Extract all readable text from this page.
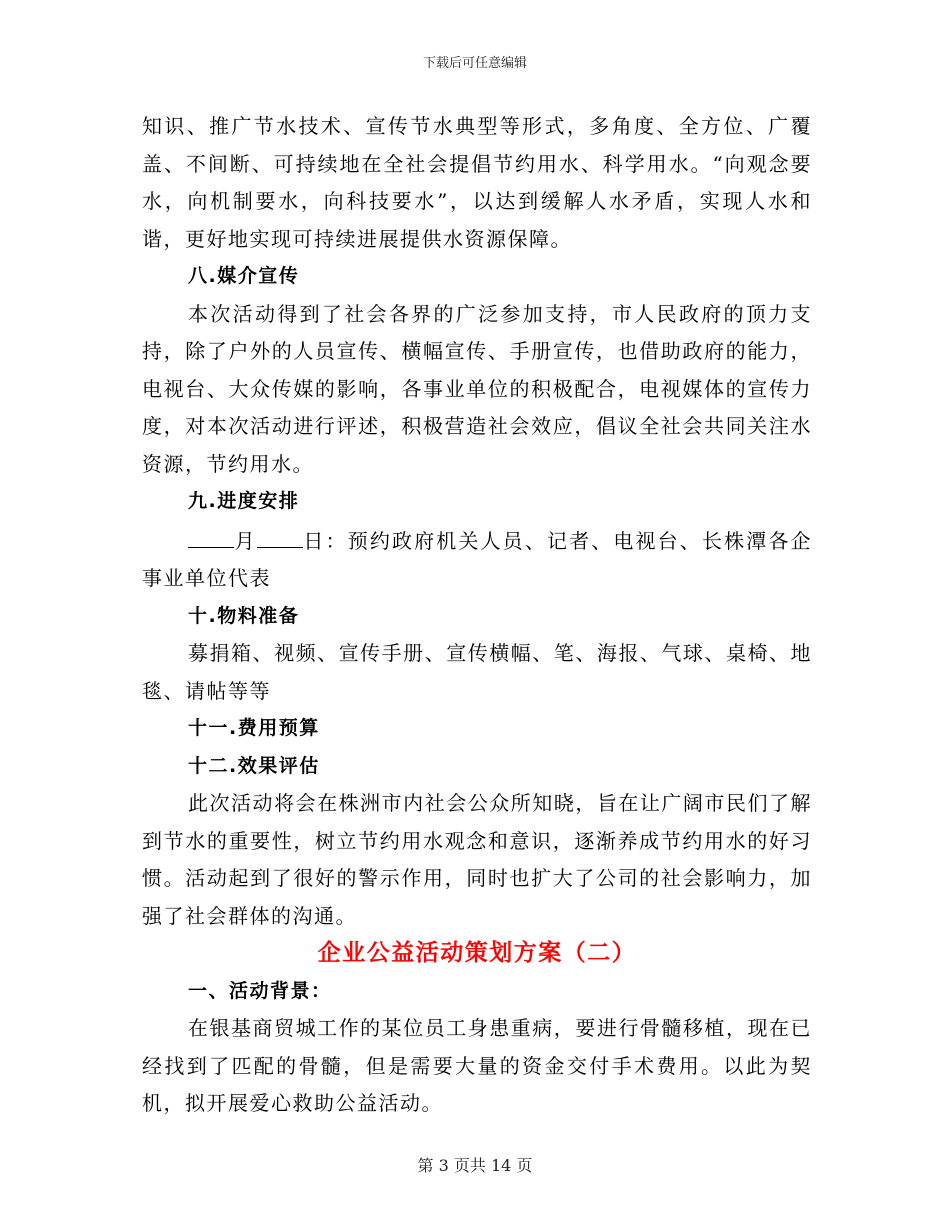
下载后可任意编辑

知识、推广节水技术、宣传节水典型等形式，多角度、全方位、广覆盖、不间断、可持续地在全社会提倡节约用水、科学用水。“向观念要水，向机制要水，向科技要水”，以达到缓解人水矛盾，实现人水和谐，更好地实现可持续进展提供水资源保障。

八.媒介宣传

本次活动得到了社会各界的广泛参加支持，市人民政府的顶力支持，除了户外的人员宣传、横幅宣传、手册宣传，也借助政府的能力，电视台、大众传媒的影响，各事业单位的积极配合，电视媒体的宣传力度，对本次活动进行评述，积极营造社会效应，倡议全社会共同关注水资源，节约用水。

九.进度安排

月 日：预约政府机关人员、记者、电视台、长株潭各企事业单位代表

十.物料准备

募捐箱、视频、宣传手册、宣传横幅、笔、海报、气球、桌椅、地毯、请帖等等

十一.费用预算

十二.效果评估

此次活动将会在株洲市内社会公众所知晓，旨在让广阔市民们了解到节水的重要性，树立节约用水观念和意识，逐渐养成节约用水的好习惯。活动起到了很好的警示作用，同时也扩大了公司的社会影响力，加强了社会群体的沟通。

企业公益活动策划方案（二）

一、活动背景：

在银基商贸城工作的某位员工身患重病，要进行骨髓移植，现在已经找到了匹配的骨髓，但是需要大量的资金交付手术费用。以此为契机，拟开展爱心救助公益活动。

第 3 页共 14 页
